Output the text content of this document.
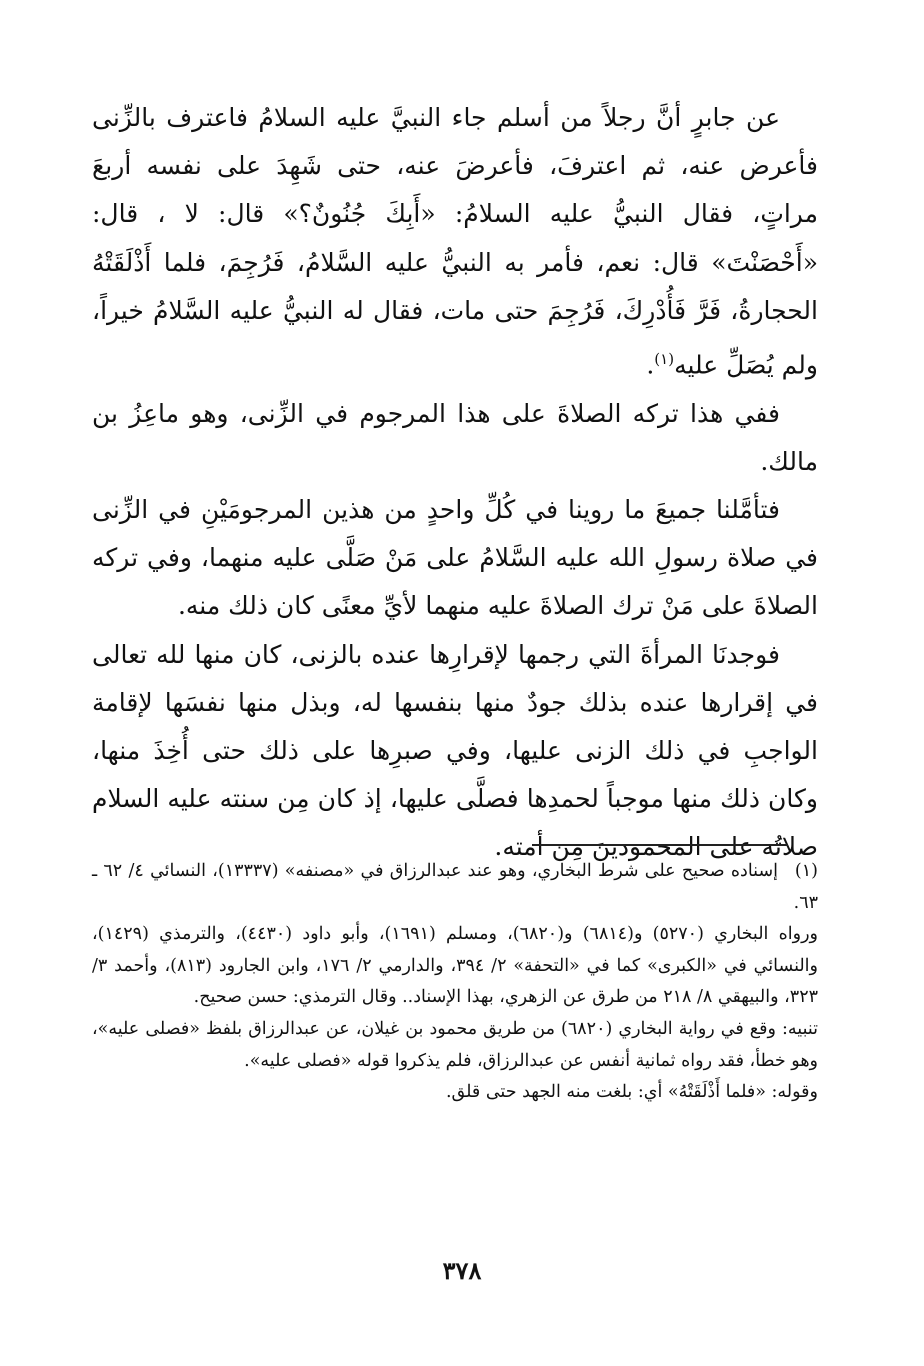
عن جابرٍ أنَّ رجلاً من أسلم جاء النبيَّ عليه السلامُ فاعترف بالزِّنى فأعرض عنه، ثم اعترفَ، فأعرضَ عنه، حتى شَهِدَ على نفسه أربعَ مراتٍ، فقال النبيُّ عليه السلامُ: «أَبِكَ جُنُونٌ؟» قال: لا ، قال: «أَحْصَنْتَ» قال: نعم، فأمر به النبيُّ عليه السَّلامُ، فَرُجِمَ، فلما أَذْلَقَتْهُ الحجارةُ، فَرَّ فَأُدْرِكَ، فَرُجِمَ حتى مات، فقال له النبيُّ عليه السَّلامُ خيراً، ولم يُصَلِّ عليه$^{(١)}$.

ففي هذا تركه الصلاةَ على هذا المرجوم في الزِّنى، وهو ماعِزُ بن مالك.

فتأمَّلنا جميعَ ما روينا في كُلِّ واحدٍ من هذين المرجومَيْنِ في الزِّنى في صلاة رسولِ الله عليه السَّلامُ على مَنْ صَلَّى عليه منهما، وفي تركه الصلاةَ على مَنْ ترك الصلاةَ عليه منهما لأيِّ معنًى كان ذلك منه.

فوجدنَا المرأةَ التي رجمها لإقرارِها عنده بالزنى، كان منها لله تعالى في إقرارها عنده بذلك جودٌ منها بنفسها له، وبذل منها نفسَها لإقامة الواجبِ في ذلك الزنى عليها، وفي صبرِها على ذلك حتى أُخِذَ منها، وكان ذلك منها موجباً لحمدِها فصلَّى عليها، إذ كان مِن سنته عليه السلام صلاتُه على المحمودينَ مِن أمته.

(١)إسناده صحيح على شرط البخاري، وهو عند عبدالرزاق في «مصنفه» (١٣٣٣٧)، النسائي ٤/ ٦٢ ـ ٦٣.

ورواه البخاري (٥٢٧٠) و(٦٨١٤) و(٦٨٢٠)، ومسلم (١٦٩١)، وأبو داود (٤٤٣٠)، والترمذي (١٤٢٩)، والنسائي في «الكبرى» كما في «التحفة» ٢/ ٣٩٤، والدارمي ٢/ ١٧٦، وابن الجارود (٨١٣)، وأحمد ٣/ ٣٢٣، والبيهقي ٨/ ٢١٨ من طرق عن الزهري، بهذا الإسناد.. وقال الترمذي: حسن صحيح.

تنبيه: وقع في رواية البخاري (٦٨٢٠) من طريق محمود بن غيلان، عن عبدالرزاق بلفظ «فصلى عليه»، وهو خطأ، فقد رواه ثمانية أنفس عن عبدالرزاق، فلم يذكروا قوله «فصلى عليه».

وقوله: «فلما أَذْلَقَتْهُ» أي: بلغت منه الجهد حتى قلق.

٣٧٨
